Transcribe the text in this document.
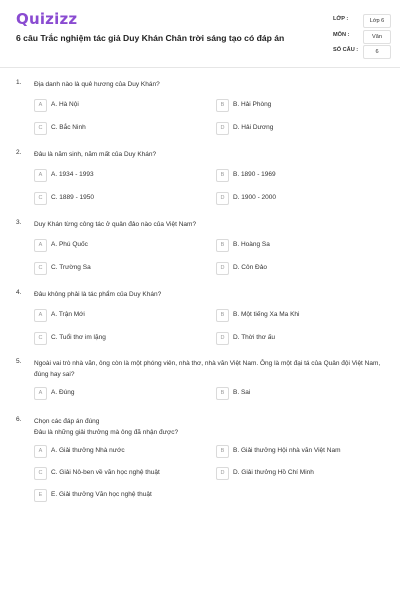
Quizizz
6 câu Trắc nghiệm tác giả Duy Khán Chân trời sáng tạo có đáp án
LỚP :	Lớp 6
MÔN :	Văn
SỐ CÂU :	6
1. Địa danh nào là quê hương của Duy Khán?
A	A. Hà Nội	B	B. Hải Phòng
C	C. Bắc Ninh	D	D. Hải Dương
2. Đâu là năm sinh, năm mất của Duy Khán?
A	A. 1934 - 1993	B	B. 1890 - 1969
C	C. 1889 - 1950	D	D. 1900 - 2000
3. Duy Khán từng công tác ở quân đảo nào của Việt Nam?
A	A. Phú Quốc	B	B. Hoàng Sa
C	C. Trường Sa	D	D. Côn Đảo
4. Đâu không phải là tác phẩm của Duy Khán?
A	A. Trận Mới	B	B. Một tiếng Xa Ma Khi
C	C. Tuổi thơ im lặng	D	D. Thời thơ ấu
5. Ngoài vai trò nhà văn, ông còn là một phóng viên, nhà thơ, nhà văn Việt Nam. Ông là một đại tá của Quân đội Việt Nam, đúng hay sai?
A	A. Đúng	B	B. Sai
6. Chọn các đáp án đúng
Đâu là những giải thưởng mà ông đã nhận được?
A	A. Giải thưởng Nhà nước	B	B. Giải thưởng Hội nhà văn Việt Nam
C	C. Giải Nô-ben về văn học nghệ thuật	D	D. Giải thưởng Hồ Chí Minh
E	E. Giải thưởng Văn học nghệ thuật
